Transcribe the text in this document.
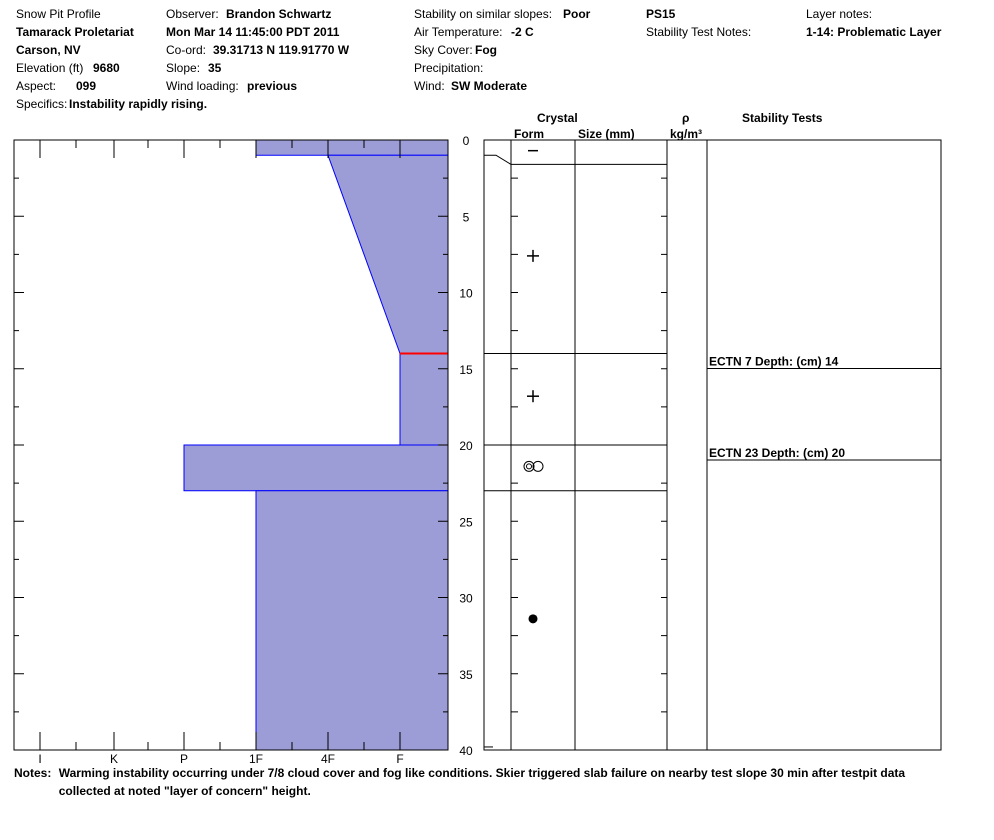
Snow Pit Profile
Tamarack Proletariat
Carson, NV
Elevation (ft) 9680
Aspect: 099
Specifics: Instability rapidly rising.
Observer: Brandon Schwartz
Mon Mar 14 11:45:00 PDT 2011
Co-ord: 39.31713 N 119.91770 W
Slope: 35
Wind loading: previous
Stability on similar slopes: Poor
Air Temperature: -2 C
Sky Cover: Fog
Precipitation:
Wind: SW Moderate
PS15
Stability Test Notes:
Layer notes:
1-14: Problematic Layer
Crystal
Form	Size (mm)
ρ
kg/m³
Stability Tests
I	K	P	1F	4F	F
0
5
10
15
20
25
30
35
40
ECTN 7 Depth: (cm) 14
ECTN 23 Depth: (cm) 20
Notes: Warming instability occurring under 7/8 cloud cover and fog like conditions. Skier triggered slab failure on nearby test slope 30 min after testpit data collected at noted "layer of concern" height.
